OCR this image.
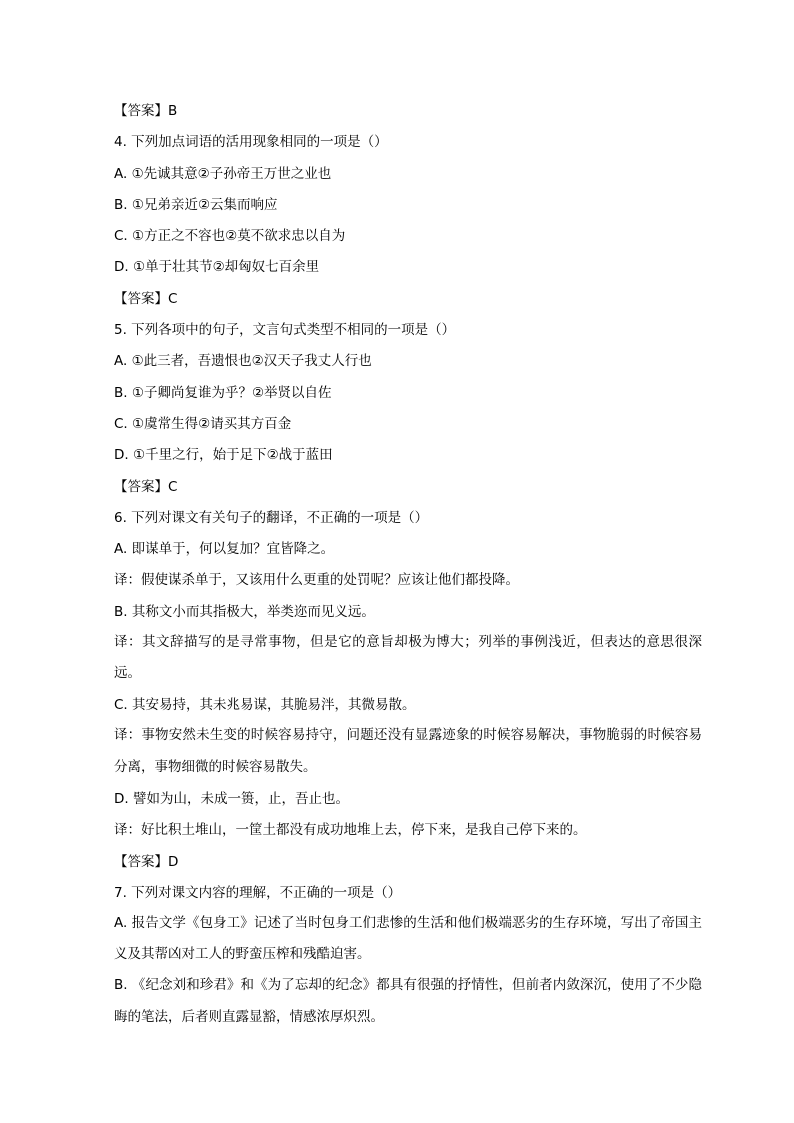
【答案】B

4. 下列加点词语的活用现象相同的一项是（）

A. ①先诚其意②子孙帝王万世之业也

B. ①兄弟亲近②云集而响应

C. ①方正之不容也②莫不欲求忠以自为

D. ①单于壮其节②却匈奴七百余里

【答案】C

5. 下列各项中的句子，文言句式类型不相同的一项是（）

A. ①此三者，吾遗恨也②汉天子我丈人行也

B. ①子卿尚复谁为乎？②举贤以自佐

C. ①虞常生得②请买其方百金

D. ①千里之行，始于足下②战于蓝田

【答案】C

6. 下列对课文有关句子的翻译，不正确的一项是（）

A. 即谋单于，何以复加？宜皆降之。

译：假使谋杀单于，又该用什么更重的处罚呢？应该让他们都投降。

B. 其称文小而其指极大，举类迩而见义远。

译：其文辞描写的是寻常事物，但是它的意旨却极为博大；列举的事例浅近，但表达的意思很深远。

C. 其安易持，其未兆易谋，其脆易泮，其微易散。

译：事物安然未生变的时候容易持守，问题还没有显露迹象的时候容易解决，事物脆弱的时候容易分离，事物细微的时候容易散失。

D. 譬如为山，未成一篑，止，吾止也。

译：好比积土堆山，一筐土都没有成功地堆上去，停下来，是我自己停下来的。

【答案】D

7. 下列对课文内容的理解，不正确的一项是（）

A. 报告文学《包身工》记述了当时包身工们悲惨的生活和他们极端恶劣的生存环境，写出了帝国主义及其帮凶对工人的野蛮压榨和残酷迫害。

B. 《纪念刘和珍君》和《为了忘却的纪念》都具有很强的抒情性，但前者内敛深沉，使用了不少隐晦的笔法，后者则直露显豁，情感浓厚炽烈。
